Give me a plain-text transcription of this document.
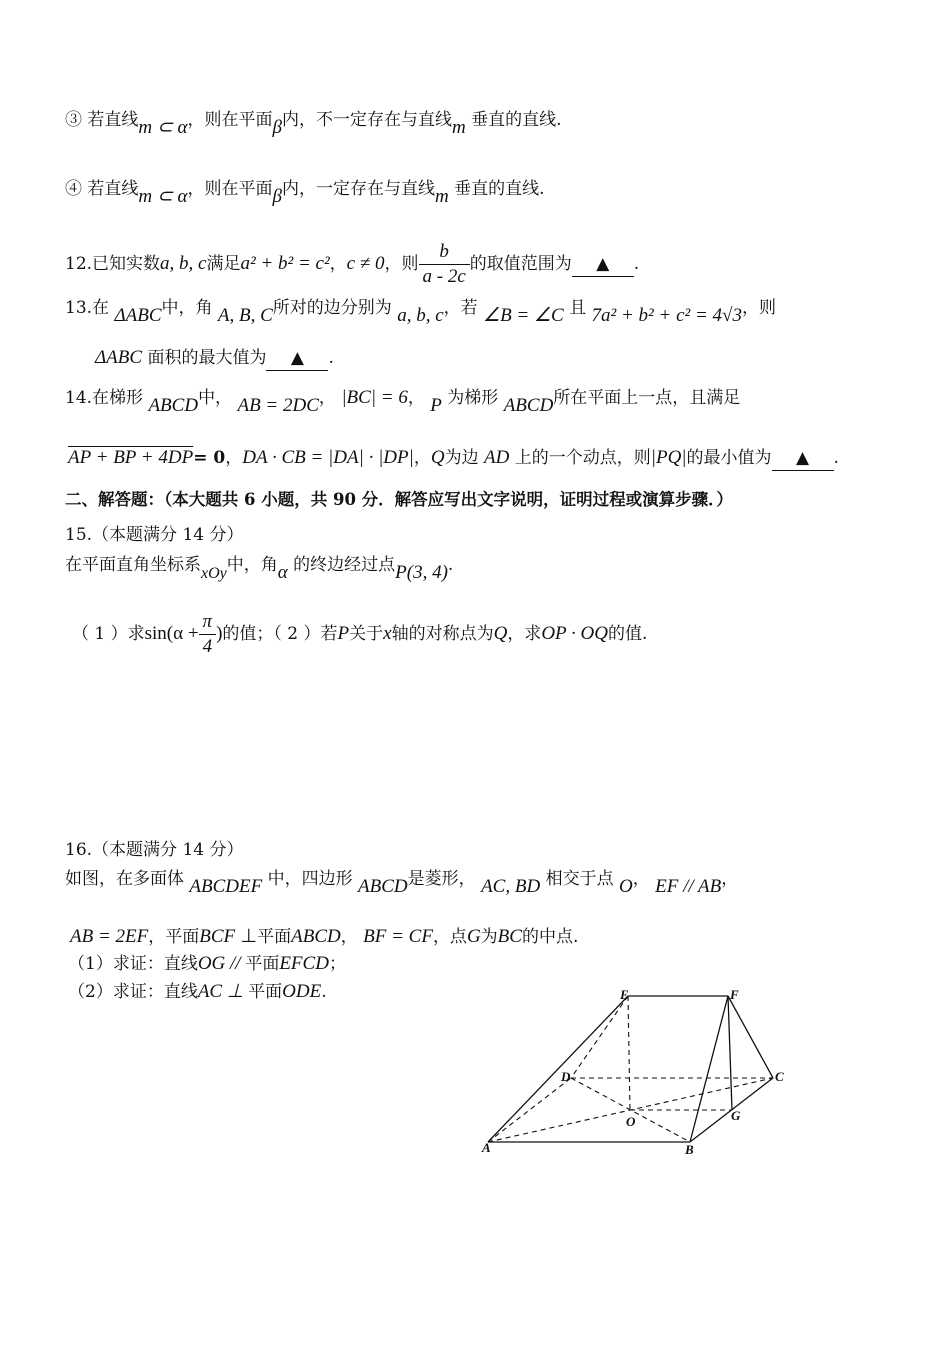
③ 若直线m ⊂ α，则在平面β内，不一定存在与直线m 垂直的直线.
④ 若直线m ⊂ α，则在平面β内，一定存在与直线m 垂直的直线.
12.已知实数a, b, c满足a² + b² = c²，c ≠ 0，则 $\frac{b}{a - 2c}$ 的取值范围为 ▲ .
13.在 ΔABC中，角 A, B, C所对的边分别为 a, b, c，若 ∠B = ∠C 且 7a² + b² + c² = 4√3，则
ΔABC 面积的最大值为 ▲ .
14.在梯形 ABCD中， AB = 2DC， |BC| = 6， P 为梯形 ABCD所在平面上一点，且满足
AP + BP + 4DP= 0，DA · CB = |DA| · |DP|，Q为边 AD 上的一个动点，则|PQ|的最小值为 ▲ .
二、解答题：（本大题共 6 小题，共 90 分．解答应写出文字说明，证明过程或演算步骤．）
15.（本题满分 14 分）
在平面直角坐标系xOy中，角α 的终边经过点P(3, 4).
（ 1 ）求$\sin(\alpha + \frac{\pi}{4}$ )的值；（ 2 ）若P关于x轴的对称点为Q，求OP · OQ的值.
16.（本题满分 14 分）
如图，在多面体 ABCDEF 中，四边形 ABCD是菱形， AC, BD 相交于点 O， EF // AB，
AB = 2EF，平面BCF ⊥平面ABCD， BF = CF，点G为BC的中点.
（1）求证：直线OG // 平面EFCD；
（2）求证：直线AC ⊥ 平面ODE.	E	F
D	C
O	G
A	B
